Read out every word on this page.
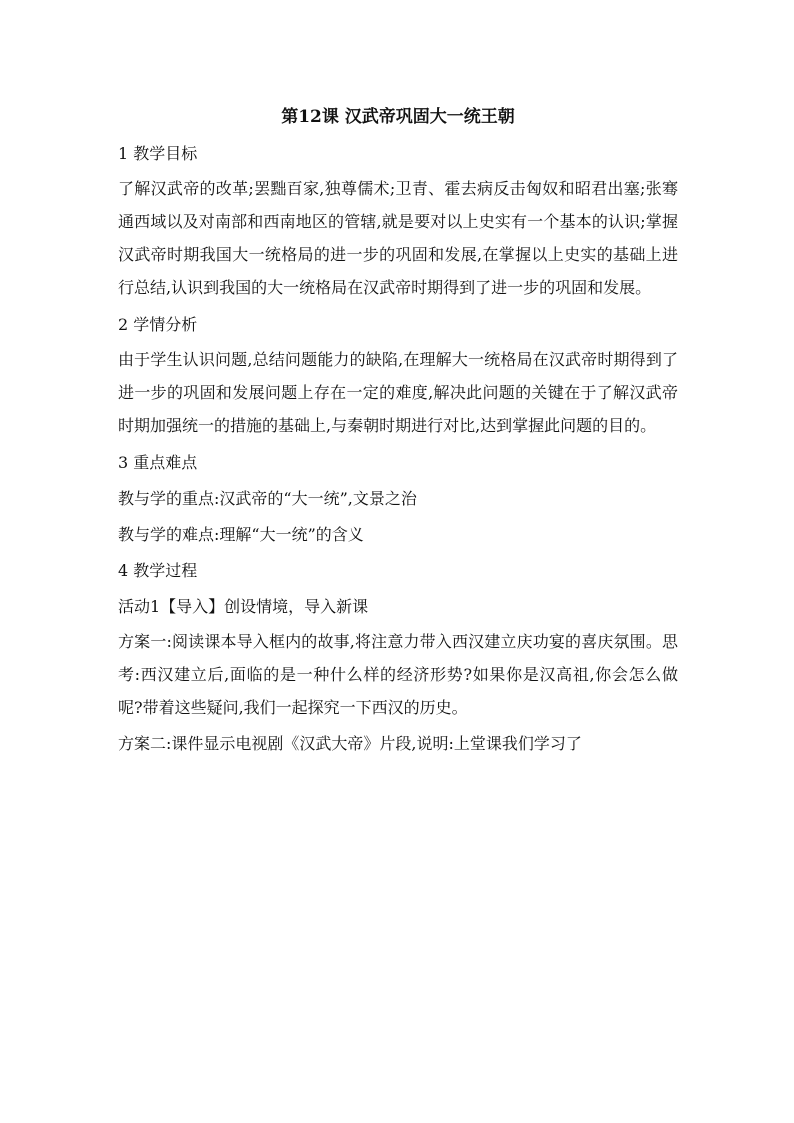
第12课 汉武帝巩固大一统王朝
1 教学目标

了解汉武帝的改革;罢黜百家,独尊儒术;卫青、霍去病反击匈奴和昭君出塞;张骞通西域以及对南部和西南地区的管辖,就是要对以上史实有一个基本的认识;掌握汉武帝时期我国大一统格局的进一步的巩固和发展,在掌握以上史实的基础上进行总结,认识到我国的大一统格局在汉武帝时期得到了进一步的巩固和发展。

2 学情分析

由于学生认识问题,总结问题能力的缺陷,在理解大一统格局在汉武帝时期得到了进一步的巩固和发展问题上存在一定的难度,解决此问题的关键在于了解汉武帝时期加强统一的措施的基础上,与秦朝时期进行对比,达到掌握此问题的目的。

3 重点难点
教与学的重点:汉武帝的“大一统”,文景之治
教与学的难点:理解“大一统”的含义
4 教学过程
活动1【导入】创设情境，导入新课

方案一:阅读课本导入框内的故事,将注意力带入西汉建立庆功宴的喜庆氛围。思考:西汉建立后,面临的是一种什么样的经济形势?如果你是汉高祖,你会怎么做呢?带着这些疑问,我们一起探究一下西汉的历史。

方案二:课件显示电视剧《汉武大帝》片段,说明:上堂课我们学习了
